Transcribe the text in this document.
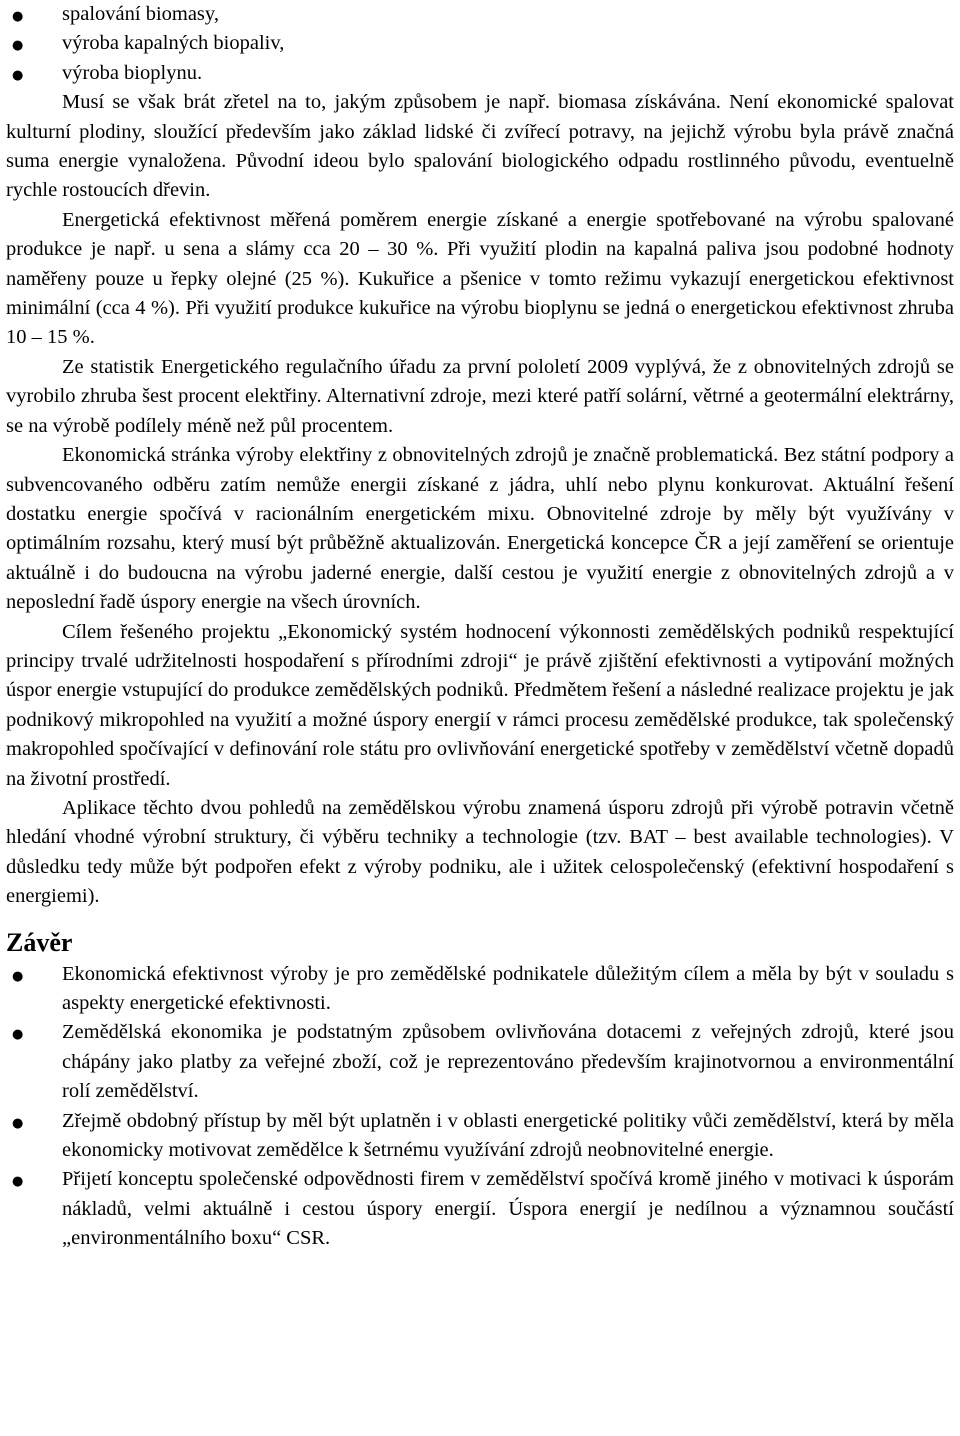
●
spalování biomasy,
●
výroba kapalných biopaliv,
●
výroba bioplynu.

Musí se však brát zřetel na to, jakým způsobem je např. biomasa získávána. Není ekonomické spalovat kulturní plodiny, sloužící především jako základ lidské či zvířecí potravy, na jejichž výrobu byla právě značná suma energie vynaložena. Původní ideou bylo spalování biologického odpadu rostlinného původu, eventuelně rychle rostoucích dřevin.

Energetická efektivnost měřená poměrem energie získané a energie spotřebované na výrobu spalované produkce je např. u sena a slámy cca 20 – 30 %. Při využití plodin na kapalná paliva jsou podobné hodnoty naměřeny pouze u řepky olejné (25 %). Kukuřice a pšenice v tomto režimu vykazují energetickou efektivnost minimální (cca 4 %). Při využití produkce kukuřice na výrobu bioplynu se jedná o energetickou efektivnost zhruba 10 – 15 %.

Ze statistik Energetického regulačního úřadu za první pololetí 2009 vyplývá, že z obnovitelných zdrojů se vyrobilo zhruba šest procent elektřiny. Alternativní zdroje, mezi které patří solární, větrné a geotermální elektrárny, se na výrobě podílely méně než půl procentem.

Ekonomická stránka výroby elektřiny z obnovitelných zdrojů je značně problematická. Bez státní podpory a subvencovaného odběru zatím nemůže energii získané z jádra, uhlí nebo plynu konkurovat. Aktuální řešení dostatku energie spočívá v racionálním energetickém mixu. Obnovitelné zdroje by měly být využívány v optimálním rozsahu, který musí být průběžně aktualizován. Energetická koncepce ČR a její zaměření se orientuje aktuálně i do budoucna na výrobu jaderné energie, další cestou je využití energie z obnovitelných zdrojů a v neposlední řadě úspory energie na všech úrovních.

Cílem řešeného projektu „Ekonomický systém hodnocení výkonnosti zemědělských podniků respektující principy trvalé udržitelnosti hospodaření s přírodními zdroji“ je právě zjištění efektivnosti a vytipování možných úspor energie vstupující do produkce zemědělských podniků. Předmětem řešení a následné realizace projektu je jak podnikový mikropohled na využití a možné úspory energií v rámci procesu zemědělské produkce, tak společenský makropohled spočívající v definování role státu pro ovlivňování energetické spotřeby v zemědělství včetně dopadů na životní prostředí.

Aplikace těchto dvou pohledů na zemědělskou výrobu znamená úsporu zdrojů při výrobě potravin včetně hledání vhodné výrobní struktury, či výběru techniky a technologie (tzv. BAT – best available technologies). V důsledku tedy může být podpořen efekt z výroby podniku, ale i užitek celospolečenský (efektivní hospodaření s energiemi).

Závěr
●
Ekonomická efektivnost výroby je pro zemědělské podnikatele důležitým cílem a měla by být v souladu s aspekty energetické efektivnosti.
●
Zemědělská ekonomika je podstatným způsobem ovlivňována dotacemi z veřejných zdrojů, které jsou chápány jako platby za veřejné zboží, což je reprezentováno především krajinotvornou a environmentální rolí zemědělství.
●
Zřejmě obdobný přístup by měl být uplatněn i v oblasti energetické politiky vůči zemědělství, která by měla ekonomicky motivovat zemědělce k šetrnému využívání zdrojů neobnovitelné energie.
●
Přijetí konceptu společenské odpovědnosti firem v zemědělství spočívá kromě jiného v motivaci k úsporám nákladů, velmi aktuálně i cestou úspory energií. Úspora energií je nedílnou a významnou součástí „environmentálního boxu“ CSR.
